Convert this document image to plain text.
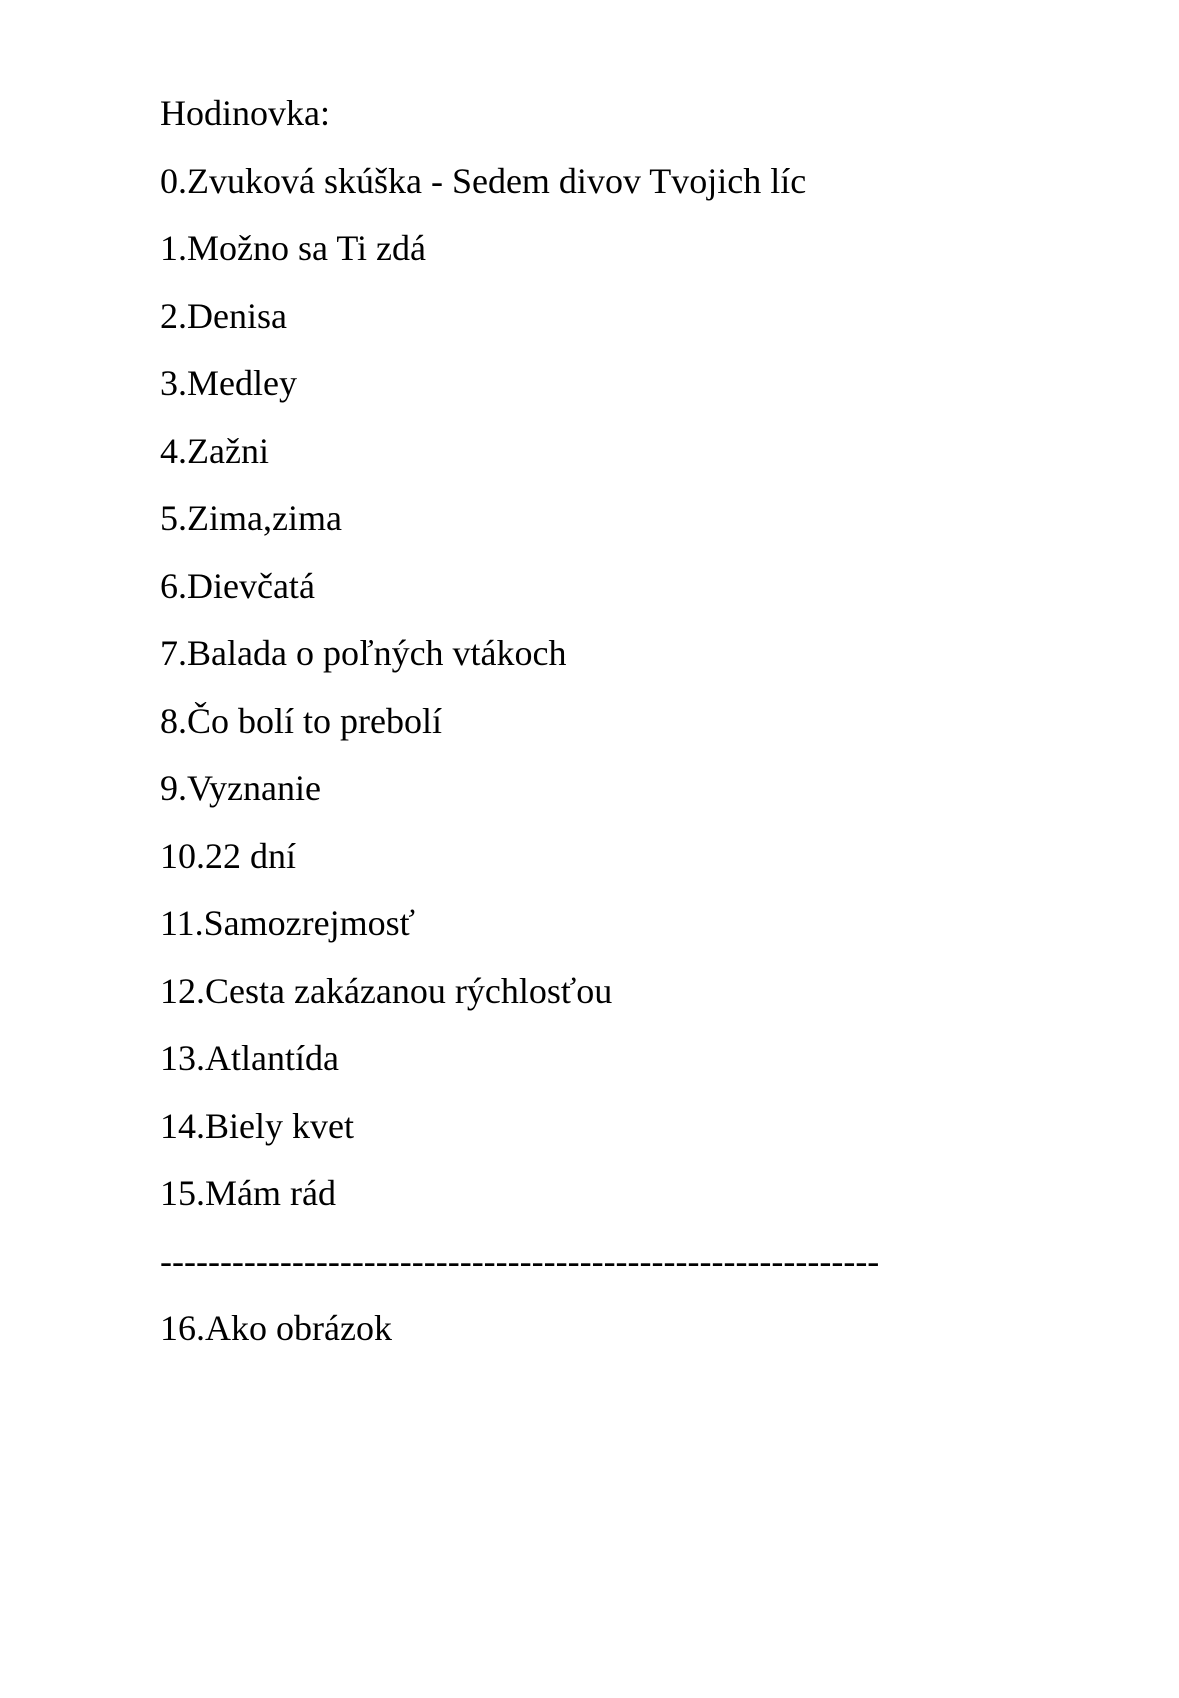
Hodinovka:
0.Zvuková skúška - Sedem divov Tvojich líc
1.Možno sa Ti zdá
2.Denisa
3.Medley
4.Zažni
5.Zima,zima
6.Dievčatá
7.Balada o poľných vtákoch
8.Čo bolí to prebolí
9.Vyznanie
10.22 dní
11.Samozrejmosť
12.Cesta zakázanou rýchlosťou
13.Atlantída
14.Biely kvet
15.Mám rád
------------------------------------------------------------
16.Ako obrázok
